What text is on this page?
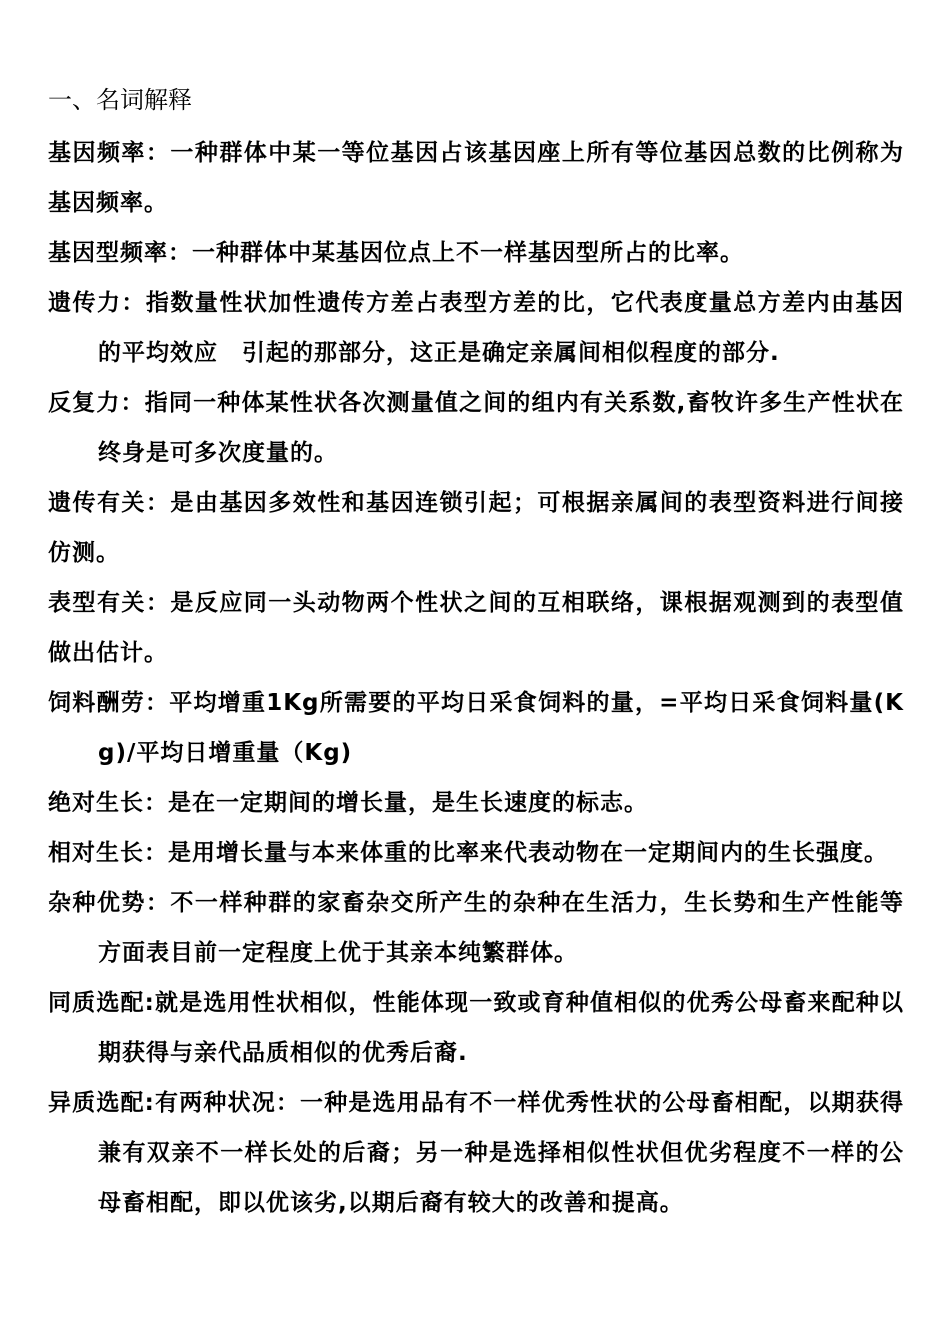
一、名词解释
基因频率：一种群体中某一等位基因占该基因座上所有等位基因总数的比例称为基因频率。
基因型频率：一种群体中某基因位点上不一样基因型所占的比率。
遗传力：指数量性状加性遗传方差占表型方差的比，它代表度量总方差内由基因的平均效应　引起的那部分，这正是确定亲属间相似程度的部分.
反复力：指同一种体某性状各次测量值之间的组内有关系数,畜牧许多生产性状在终身是可多次度量的。
遗传有关：是由基因多效性和基因连锁引起；可根据亲属间的表型资料进行间接仿测。
表型有关：是反应同一头动物两个性状之间的互相联络，课根据观测到的表型值做出估计。
饲料酬劳：平均增重1Kg所需要的平均日采食饲料的量，=平均日采食饲料量(Kg)/平均日增重量（Kg)
绝对生长：是在一定期间的增长量，是生长速度的标志。
相对生长：是用增长量与本来体重的比率来代表动物在一定期间内的生长强度。
杂种优势：不一样种群的家畜杂交所产生的杂种在生活力，生长势和生产性能等方面表目前一定程度上优于其亲本纯繁群体。
同质选配:就是选用性状相似，性能体现一致或育种值相似的优秀公母畜来配种以期获得与亲代品质相似的优秀后裔.
异质选配:有两种状况：一种是选用品有不一样优秀性状的公母畜相配，以期获得兼有双亲不一样长处的后裔；另一种是选择相似性状但优劣程度不一样的公母畜相配，即以优该劣,以期后裔有较大的改善和提高。
